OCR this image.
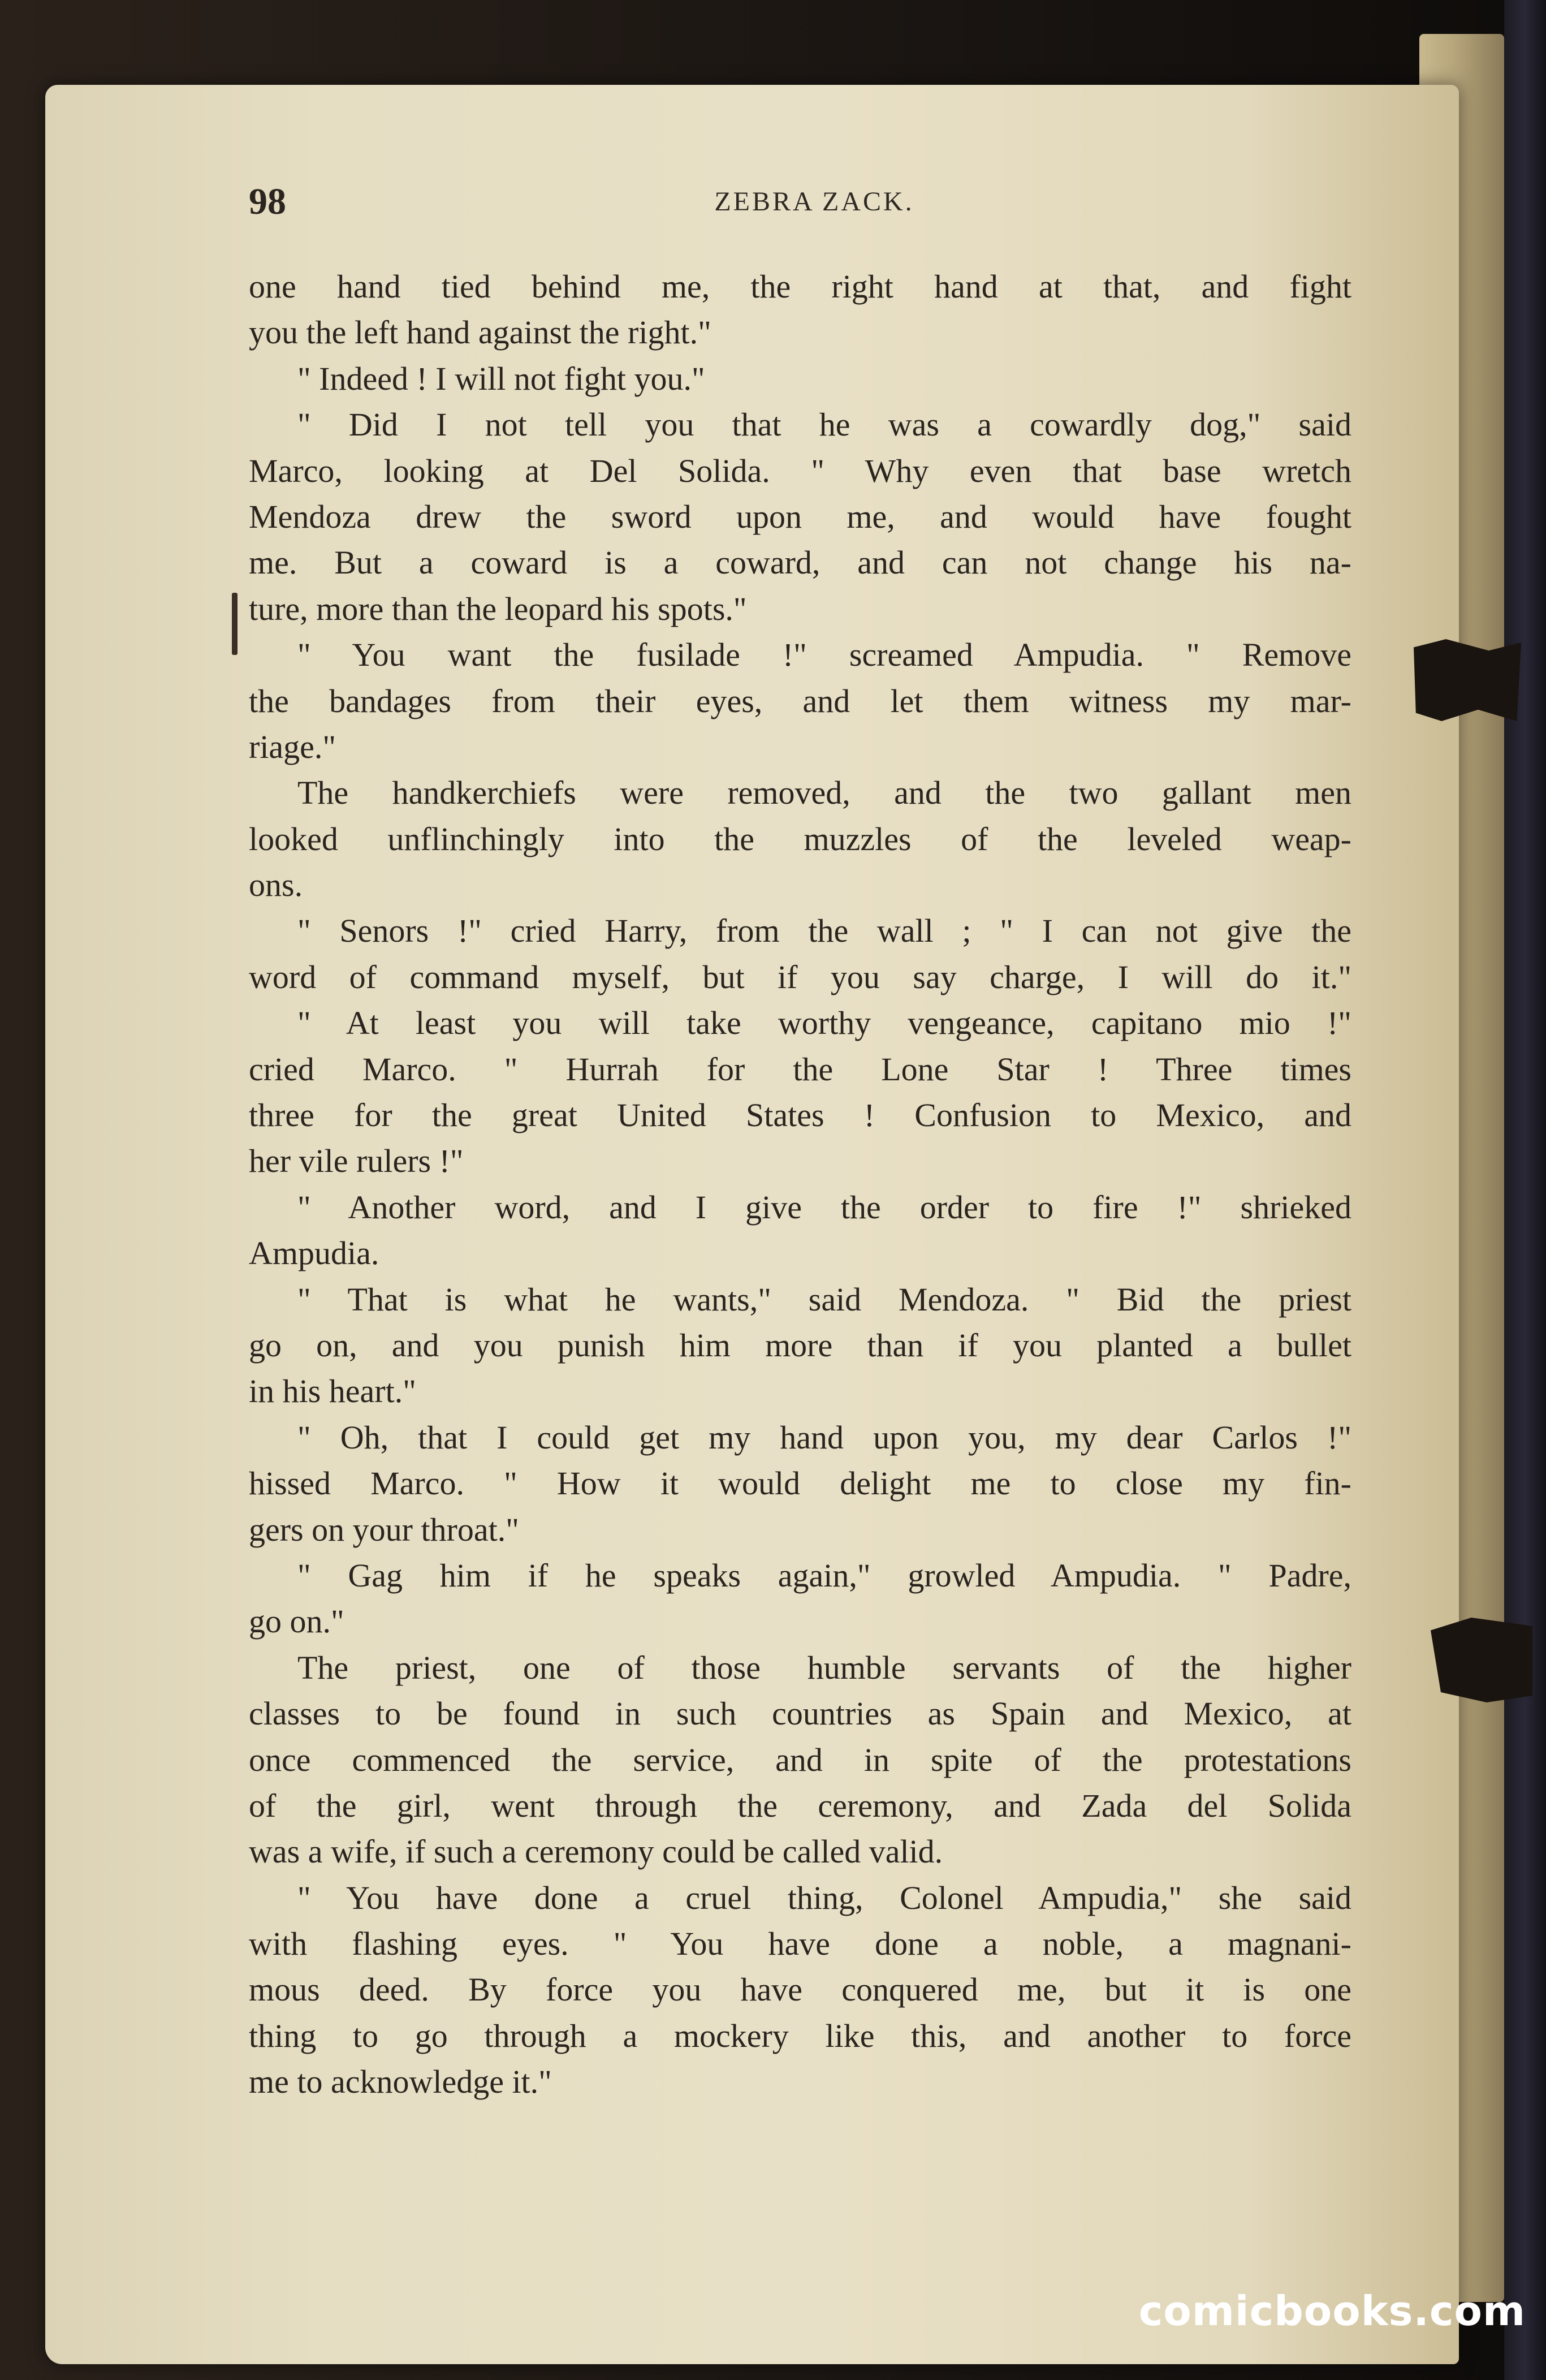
98	ZEBRA ZACK.
one hand tied behind me, the right hand at that, and fight
you the left hand against the right."
" Indeed ! I will not fight you."
" Did I not tell you that he was a cowardly dog," said
Marco, looking at Del Solida. " Why even that base wretch
Mendoza drew the sword upon me, and would have fought
me. But a coward is a coward, and can not change his na-
ture, more than the leopard his spots."
" You want the fusilade !" screamed Ampudia. " Remove
the bandages from their eyes, and let them witness my mar-
riage."
The handkerchiefs were removed, and the two gallant men
looked unflinchingly into the muzzles of the leveled weap-
ons.
" Senors !" cried Harry, from the wall ; " I can not give the
word of command myself, but if you say charge, I will do it."
" At least you will take worthy vengeance, capitano mio !"
cried Marco. " Hurrah for the Lone Star ! Three times
three for the great United States ! Confusion to Mexico, and
her vile rulers !"
" Another word, and I give the order to fire !" shrieked
Ampudia.
" That is what he wants," said Mendoza. " Bid the priest
go on, and you punish him more than if you planted a bullet
in his heart."
" Oh, that I could get my hand upon you, my dear Carlos !"
hissed Marco. " How it would delight me to close my fin-
gers on your throat."
" Gag him if he speaks again," growled Ampudia. " Padre,
go on."
The priest, one of those humble servants of the higher
classes to be found in such countries as Spain and Mexico, at
once commenced the service, and in spite of the protestations
of the girl, went through the ceremony, and Zada del Solida
was a wife, if such a ceremony could be called valid.
" You have done a cruel thing, Colonel Ampudia," she said
with flashing eyes. " You have done a noble, a magnani-
mous deed. By force you have conquered me, but it is one
thing to go through a mockery like this, and another to force
me to acknowledge it."
comicbooks.com
